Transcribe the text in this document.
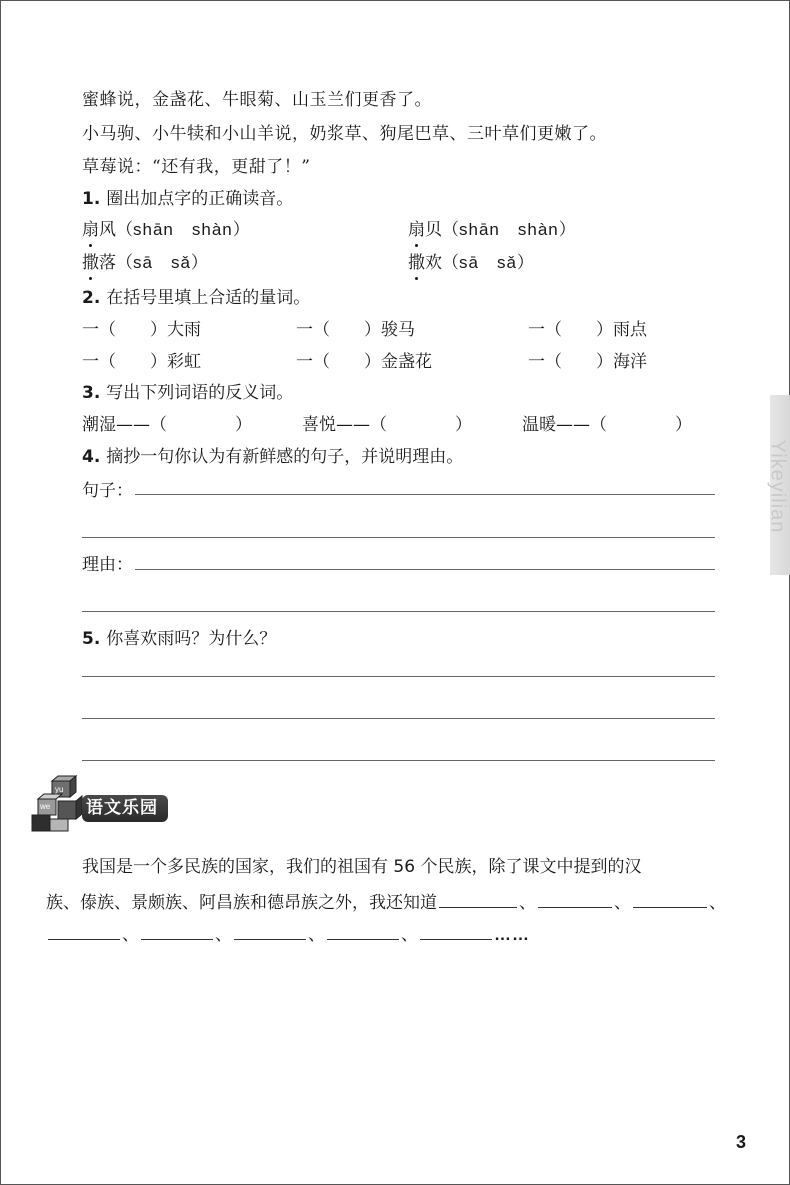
蜜蜂说，金盏花、牛眼菊、山玉兰们更香了。
小马驹、小牛犊和小山羊说，奶浆草、狗尾巴草、三叶草们更嫩了。
草莓说：“还有我，更甜了！”
1. 圈出加点字的正确读音。
扇风（shān　shàn）	扇贝（shān　shàn）
撒落（sā　sǎ）	撒欢（sā　sǎ）
2. 在括号里填上合适的量词。
一（　　）大雨	一（　　）骏马	一（　　）雨点
一（　　）彩虹	一（　　）金盏花	一（　　）海洋
3. 写出下列词语的反义词。
潮湿——（　　　　）	喜悦——（　　　　）	温暖——（　　　　）
4. 摘抄一句你认为有新鲜感的句子，并说明理由。
句子：
理由：
5. 你喜欢雨吗？为什么？
yu
we 语文乐园
我国是一个多民族的国家，我们的祖国有 56 个民族，除了课文中提到的汉
族、傣族、景颇族、阿昌族和德昂族之外，我还知道	、	、	、
、	、	、	、	……
Yikeyilian
3
